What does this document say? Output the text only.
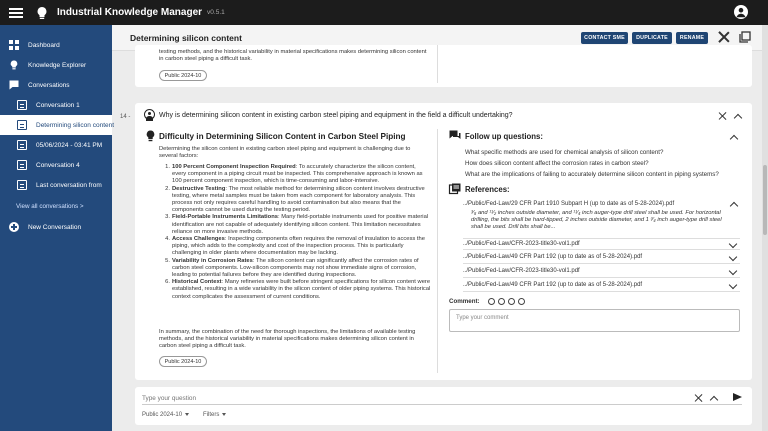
Industrial Knowledge Manager v0.5.1
Dashboard
Knowledge Explorer
Conversations
Conversation 1
Determining silicon content
05/06/2024 - 03:41 PM
Conversation 4
Last conversation from
View all conversations >
New Conversation
Determining silicon content	CONTACT SME	DUPLICATE	RENAME
testing methods, and the historical variability in material specifications makes determining silicon content in carbon steel piping a difficult task.
Public 2024-10
14 -	Why is determining silicon content in existing carbon steel piping and equipment in the field a difficult undertaking?
Difficulty in Determining Silicon Content in Carbon Steel Piping
Determining the silicon content in existing carbon steel piping and equipment is challenging due to several factors:
1. 100 Percent Component Inspection Required: To accurately characterize the silicon content, every component in a piping circuit must be inspected. This comprehensive approach is known as 100 percent component inspection, which is time-consuming and labor-intensive.
2. Destructive Testing: The most reliable method for determining silicon content involves destructive testing, where metal samples must be taken from each component for laboratory analysis. This process not only requires careful handling to avoid contamination but also means that the components cannot be used during the testing period.
3. Field-Portable Instruments Limitations: Many field-portable instruments used for positive material identification are not capable of adequately identifying silicon content. This limitation necessitates reliance on more invasive methods.
4. Access Challenges: Inspecting components often requires the removal of insulation to access the piping, which adds to the complexity and cost of the inspection process. This is particularly challenging in older plants where documentation may be lacking.
5. Variability in Corrosion Rates: The silicon content can significantly affect the corrosion rates of carbon steel components. Low-silicon components may not show immediate signs of corrosion, leading to potential failures before they are identified during inspections.
6. Historical Context: Many refineries were built before stringent specifications for silicon content were established, resulting in a wide variability in the silicon content of older piping systems. This historical context complicates the assessment of current conditions.
In summary, the combination of the need for thorough inspections, the limitations of available testing methods, and the historical variability in material specifications makes determining silicon content in carbon steel piping a difficult task.
Public 2024-10
Follow up questions:
What specific methods are used for chemical analysis of silicon content?
How does silicon content affect the corrosion rates in carbon steel?
What are the implications of failing to accurately determine silicon content in piping systems?
References:
../Public/Fed-Law/29 CFR Part 1910 Subpart H (up to date as of 5-28-2024).pdf
³⁄₈ and ¹¹⁄₂ inches outside diameter, and ¹¹⁄₄ inch auger-type drill steel shall be used. For horizontal drilling, the bits shall be hard-tipped, 2 inches outside diameter, and 1 ³⁄₄ inch auger-type drill steel shall be used. Drill bits shall be...
../Public/Fed-Law/CFR-2023-title30-vol1.pdf
../Public/Fed-Law/49 CFR Part 192 (up to date as of 5-28-2024).pdf
../Public/Fed-Law/CFR-2023-title30-vol1.pdf
../Public/Fed-Law/49 CFR Part 192 (up to date as of 5-28-2024).pdf
Comment:
Type your comment
Type your question
Public 2024-10	Filters
